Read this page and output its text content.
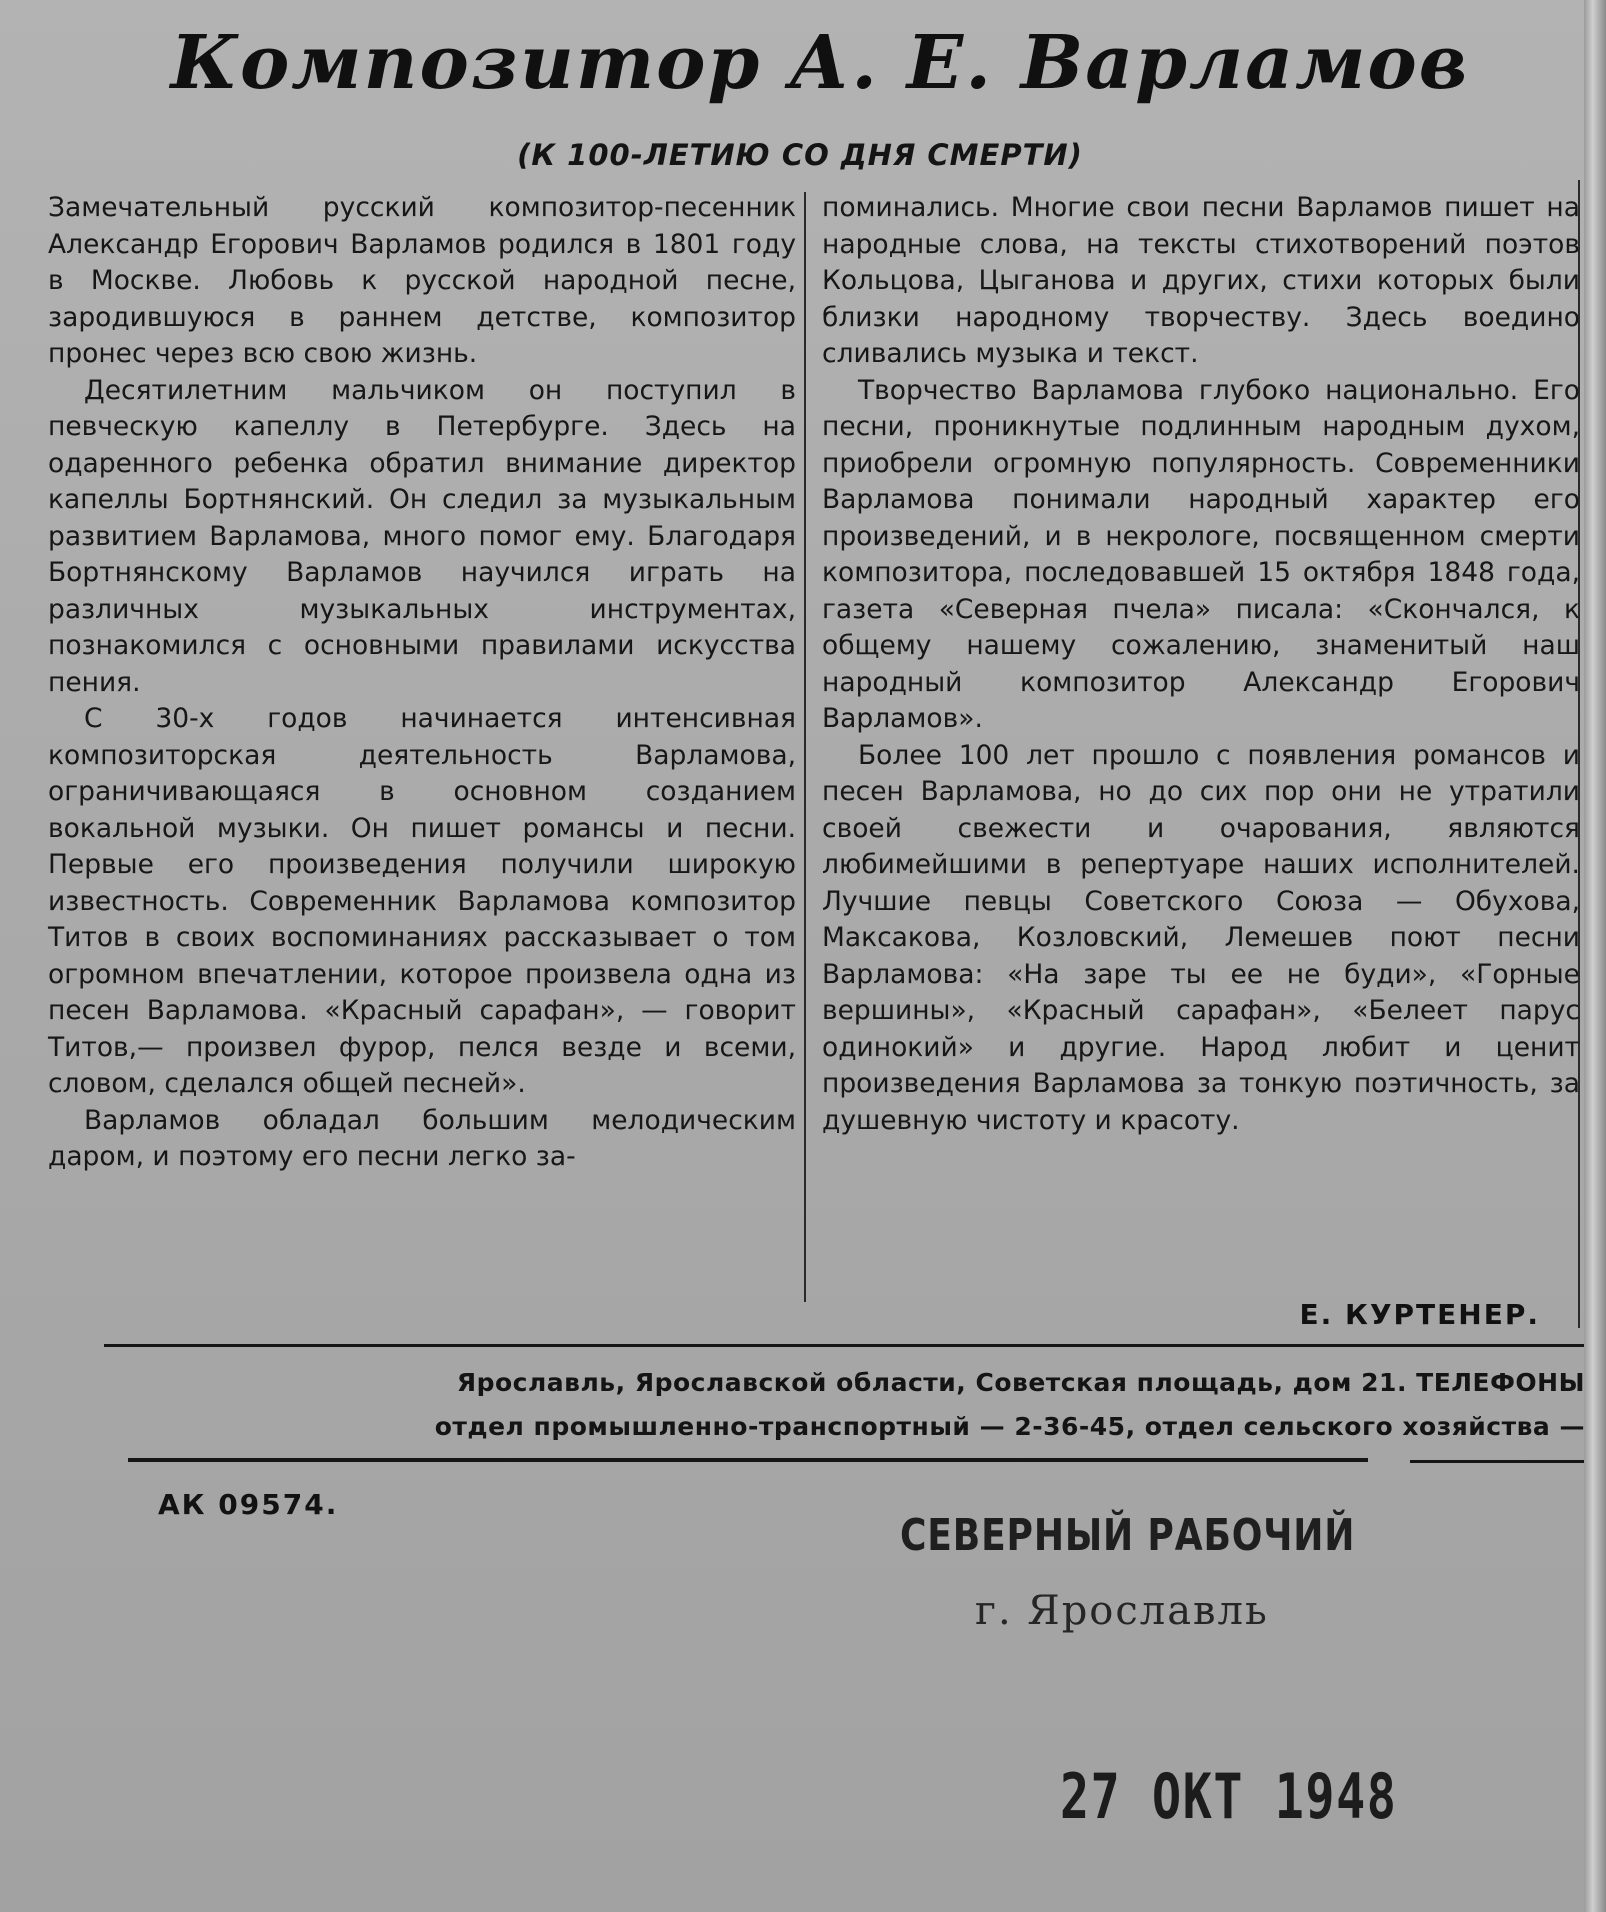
Композитор А. Е. Варламов
(К 100-ЛЕТИЮ СО ДНЯ СМЕРТИ)

Замечательный русский композитор-песенник Александр Егорович Варламов родился в 1801 году в Москве. Любовь к русской народной песне, зародившуюся в раннем детстве, композитор пронес через всю свою жизнь.

Десятилетним мальчиком он поступил в певческую капеллу в Петербурге. Здесь на одаренного ребенка обратил внимание директор капеллы Бортнянский. Он следил за музыкальным развитием Варламова, много помог ему. Благодаря Бортнянскому Варламов научился играть на различных музыкальных инструментах, познакомился с основными правилами искусства пения.

С 30-х годов начинается интенсивная композиторская деятельность Варламова, ограничивающаяся в основном созданием вокальной музыки. Он пишет романсы и песни. Первые его произведения получили широкую известность. Современник Варламова композитор Титов в своих воспоминаниях рассказывает о том огромном впечатлении, которое произвела одна из песен Варламова. «Красный сарафан», — говорит Титов,— произвел фурор, пелся везде и всеми, словом, сделался общей песней».

Варламов обладал большим мелодическим даром, и поэтому его песни легко за-

поминались. Многие свои песни Варламов пишет на народные слова, на тексты стихотворений поэтов Кольцова, Цыганова и других, стихи которых были близки народному творчеству. Здесь воедино сливались музыка и текст.

Творчество Варламова глубоко национально. Его песни, проникнутые подлинным народным духом, приобрели огромную популярность. Современники Варламова понимали народный характер его произведений, и в некрологе, посвященном смерти композитора, последовавшей 15 октября 1848 года, газета «Северная пчела» писала: «Скончался, к общему нашему сожалению, знаменитый наш народный композитор Александр Егорович Варламов».

Более 100 лет прошло с появления романсов и песен Варламова, но до сих пор они не утратили своей свежести и очарования, являются любимейшими в репертуаре наших исполнителей. Лучшие певцы Советского Союза — Обухова, Максакова, Козловский, Лемешев поют песни Варламова: «На заре ты ее не буди», «Горные вершины», «Красный сарафан», «Белеет парус одинокий» и другие. Народ любит и ценит произведения Варламова за тонкую поэтичность, за душевную чистоту и красоту.

Е. КУРТЕНЕР.

Ярославль, Ярославской области, Советская площадь, дом 21. ТЕЛЕФОНЫ

отдел промышленно-транспортный — 2-36-45, отдел сельского хозяйства —

АК 09574.

СЕВЕРНЫЙ РАБОЧИЙ

г. Ярославль

27 ОКТ 1948
